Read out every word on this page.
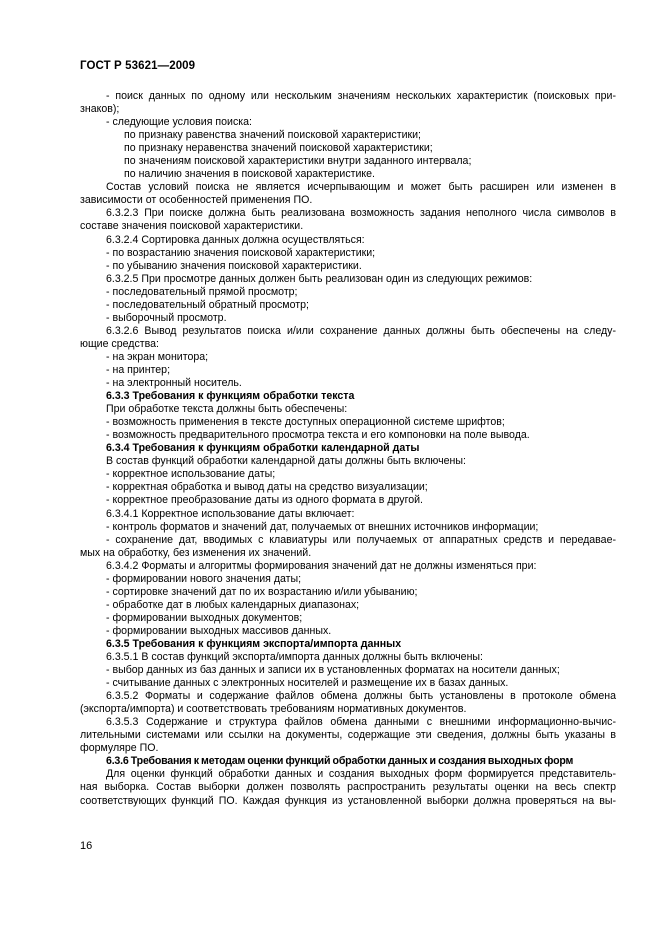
ГОСТ Р 53621—2009
- поиск данных по одному или нескольким значениям нескольких характеристик (поисковых при-
знаков);
- следующие условия поиска:
по признаку равенства значений поисковой характеристики;
по признаку неравенства значений поисковой характеристики;
по значениям поисковой характеристики внутри заданного интервала;
по наличию значения в поисковой характеристике.
Состав условий поиска не является исчерпывающим и может быть расширен или изменен в
зависимости от особенностей применения ПО.
6.3.2.3 При поиске должна быть реализована возможность задания неполного числа символов в
составе значения поисковой характеристики.
6.3.2.4 Сортировка данных должна осуществляться:
- по возрастанию значения поисковой характеристики;
- по убыванию значения поисковой характеристики.
6.3.2.5 При просмотре данных должен быть реализован один из следующих режимов:
- последовательный прямой просмотр;
- последовательный обратный просмотр;
- выборочный просмотр.
6.3.2.6 Вывод результатов поиска и/или сохранение данных должны быть обеспечены на следу-
ющие средства:
- на экран монитора;
- на принтер;
- на электронный носитель.
6.3.3 Требования к функциям обработки текста
При обработке текста должны быть обеспечены:
- возможность применения в тексте доступных операционной системе шрифтов;
- возможность предварительного просмотра текста и его компоновки на поле вывода.
6.3.4 Требования к функциям обработки календарной даты
В состав функций обработки календарной даты должны быть включены:
- корректное использование даты;
- корректная обработка и вывод даты на средство визуализации;
- корректное преобразование даты из одного формата в другой.
6.3.4.1 Корректное использование даты включает:
- контроль форматов и значений дат, получаемых от внешних источников информации;
- сохранение дат, вводимых с клавиатуры или получаемых от аппаратных средств и передавае-
мых на обработку, без изменения их значений.
6.3.4.2 Форматы и алгоритмы формирования значений дат не должны изменяться при:
- формировании нового значения даты;
- сортировке значений дат по их возрастанию и/или убыванию;
- обработке дат в любых календарных диапазонах;
- формировании выходных документов;
- формировании выходных массивов данных.
6.3.5 Требования к функциям экспорта/импорта данных
6.3.5.1 В состав функций экспорта/импорта данных должны быть включены:
- выбор данных из баз данных и записи их в установленных форматах на носители данных;
- считывание данных с электронных носителей и размещение их в базах данных.
6.3.5.2 Форматы и содержание файлов обмена должны быть установлены в протоколе обмена
(экспорта/импорта) и соответствовать требованиям нормативных документов.
6.3.5.3 Содержание и структура файлов обмена данными с внешними информационно-вычис-
лительными системами или ссылки на документы, содержащие эти сведения, должны быть указаны в
формуляре ПО.
6.3.6 Требования к методам оценки функций обработки данных и создания выходных форм
Для оценки функций обработки данных и создания выходных форм формируется представитель-
ная выборка. Состав выборки должен позволять распространить результаты оценки на весь спектр
соответствующих функций ПО. Каждая функция из установленной выборки должна проверяться на вы-
16
